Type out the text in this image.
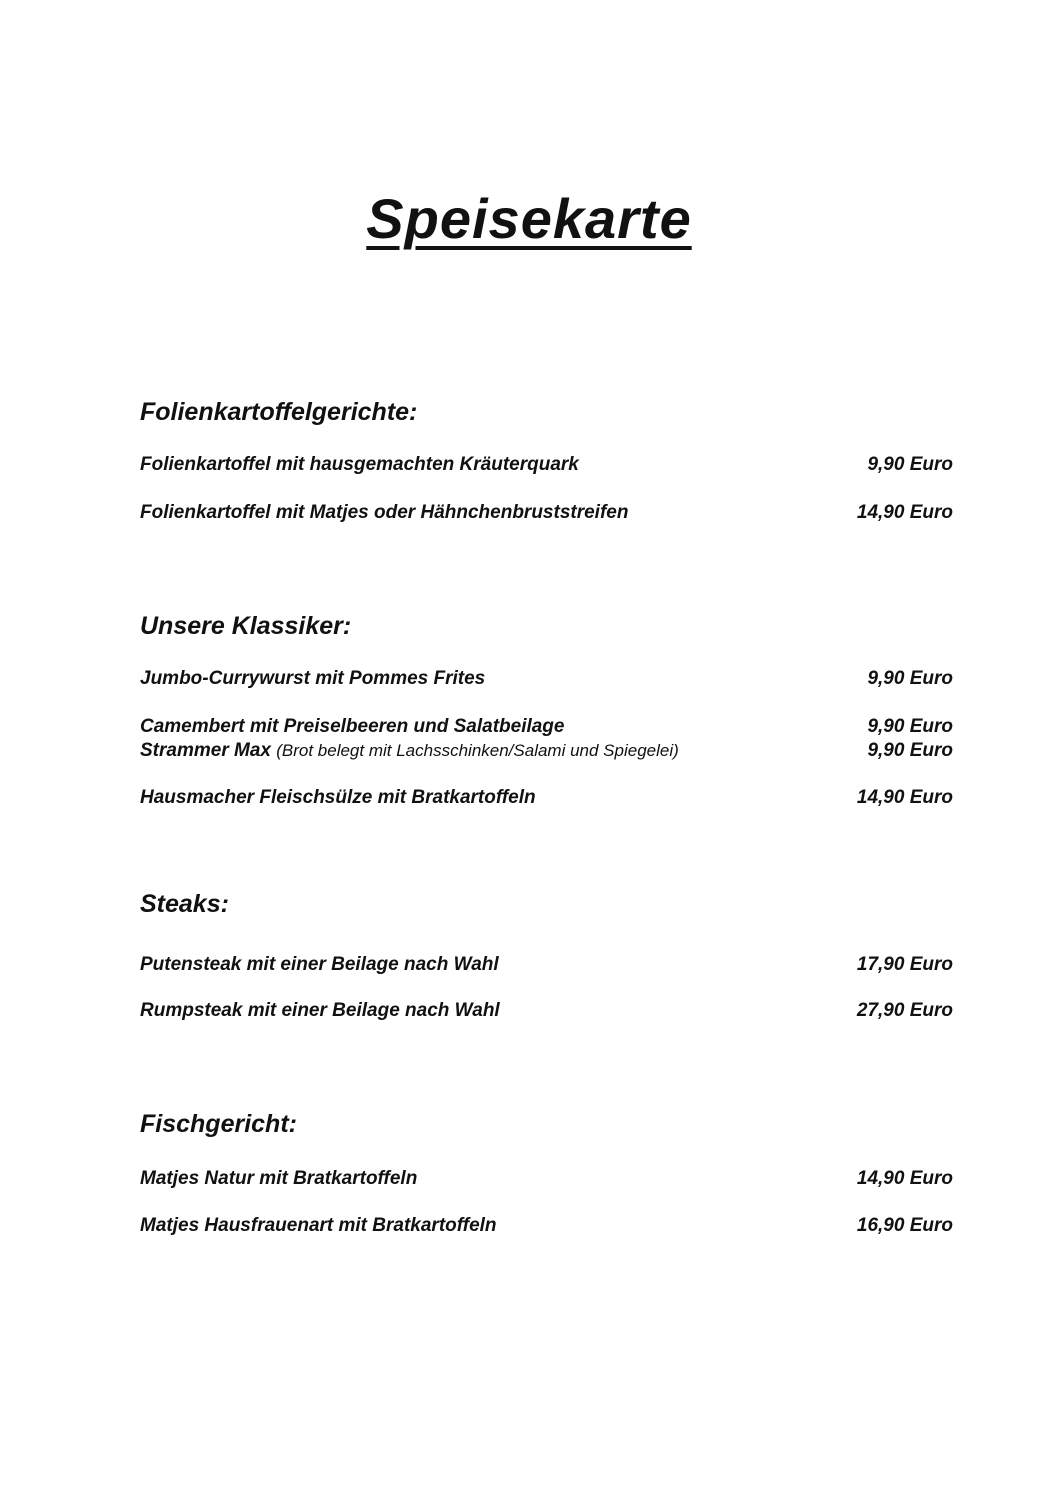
Speisekarte
Folienkartoffelgerichte:
Folienkartoffel mit hausgemachten Kräuterquark	9,90 Euro
Folienkartoffel mit Matjes oder Hähnchenbruststreifen	14,90 Euro
Unsere Klassiker:
Jumbo-Currywurst mit Pommes Frites	9,90 Euro
Camembert mit Preiselbeeren und Salatbeilage	9,90 Euro
Strammer Max (Brot belegt mit Lachsschinken/Salami und Spiegelei)	9,90 Euro
Hausmacher Fleischsülze mit Bratkartoffeln	14,90 Euro
Steaks:
Putensteak mit einer Beilage nach Wahl	17,90 Euro
Rumpsteak mit einer Beilage nach Wahl	27,90 Euro
Fischgericht:
Matjes Natur mit Bratkartoffeln	14,90 Euro
Matjes Hausfrauenart mit Bratkartoffeln	16,90 Euro
